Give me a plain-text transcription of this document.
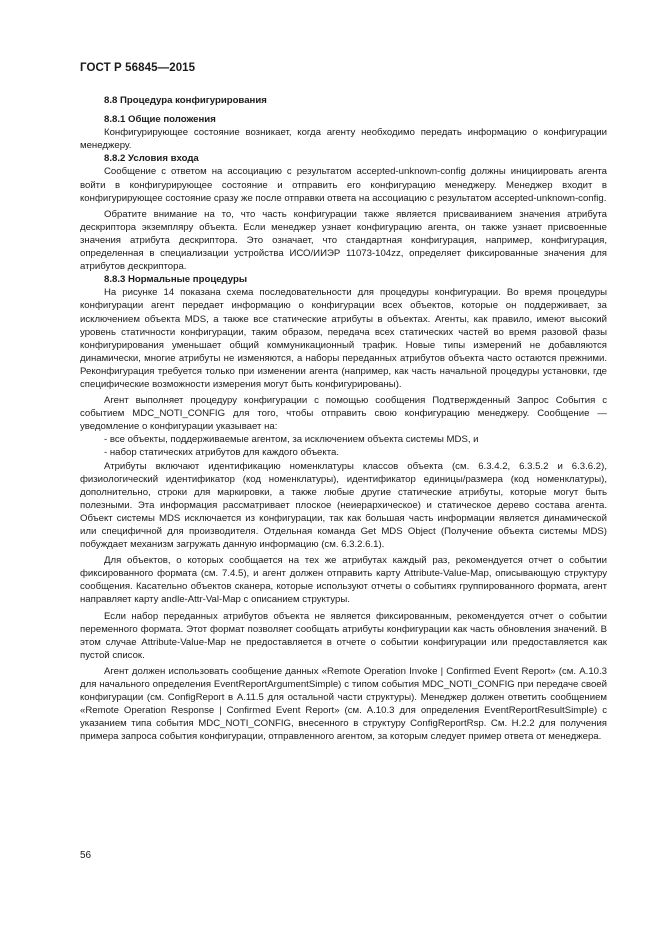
ГОСТ Р 56845—2015

8.8 Процедура конфигурирования

8.8.1 Общие положения

Конфигурирующее состояние возникает, когда агенту необходимо передать информацию о конфигурации менеджеру.

8.8.2 Условия входа

Сообщение с ответом на ассоциацию с результатом accepted-unknown-config должны инициировать агента войти в конфигурирующее состояние и отправить его конфигурацию менеджеру. Менеджер входит в конфигурирующее состояние сразу же после отправки ответа на ассоциацию с результатом accepted-unknown-config.

Обратите внимание на то, что часть конфигурации также является присваиванием значения атрибута дескриптора экземпляру объекта. Если менеджер узнает конфигурацию агента, он также узнает присвоенные значения атрибута дескриптора. Это означает, что стандартная конфигурация, например, конфигурация, определенная в специализации устройства ИСО/ИИЭР 11073-104zz, определяет фиксированные значения для атрибутов дескриптора.

8.8.3 Нормальные процедуры

На рисунке 14 показана схема последовательности для процедуры конфигурации. Во время процедуры конфигурации агент передает информацию о конфигурации всех объектов, которые он поддерживает, за исключением объекта MDS, а также все статические атрибуты в объектах. Агенты, как правило, имеют высокий уровень статичности конфигурации, таким образом, передача всех статических частей во время разовой фазы конфигурирования уменьшает общий коммуникационный трафик. Новые типы измерений не добавляются динамически, многие атрибуты не изменяются, а наборы переданных атрибутов объекта часто остаются прежними. Реконфигурация требуется только при изменении агента (например, как часть начальной процедуры установки, где специфические возможности измерения могут быть конфигурированы).

Агент выполняет процедуру конфигурации с помощью сообщения Подтвержденный Запрос События с событием MDC_NOTI_CONFIG для того, чтобы отправить свою конфигурацию менеджеру. Сообщение — уведомление о конфигурации указывает на:

- все объекты, поддерживаемые агентом, за исключением объекта системы MDS, и

- набор статических атрибутов для каждого объекта.

Атрибуты включают идентификацию номенклатуры классов объекта (см. 6.3.4.2, 6.3.5.2 и 6.3.6.2), физиологический идентификатор (код номенклатуры), идентификатор единицы/размера (код номенклатуры), дополнительно, строки для маркировки, а также любые другие статические атрибуты, которые могут быть полезными. Эта информация рассматривает плоское (неиерархическое) и статическое дерево состава агента. Объект системы MDS исключается из конфигурации, так как большая часть информации является динамической или специфичной для производителя. Отдельная команда Get MDS Object (Получение объекта системы MDS) побуждает механизм загружать данную информацию (см. 6.3.2.6.1).

Для объектов, о которых сообщается на тех же атрибутах каждый раз, рекомендуется отчет о событии фиксированного формата (см. 7.4.5), и агент должен отправить карту Attribute-Value-Map, описывающую структуру сообщения. Касательно объектов сканера, которые используют отчеты о событиях группированного формата, агент направляет карту andle-Attr-Val-Map с описанием структуры.

Если набор переданных атрибутов объекта не является фиксированным, рекомендуется отчет о событии переменного формата. Этот формат позволяет сообщать атрибуты конфигурации как часть обновления значений. В этом случае Attribute-Value-Map не предоставляется в отчете о событии конфигурации или предоставляется как пустой список.

Агент должен использовать сообщение данных «Remote Operation Invoke | Confirmed Event Report» (см. А.10.3 для начального определения EventReportArgumentSimple) с типом события MDC_NOTI_CONFIG при передаче своей конфигурации (см. ConfigReport в А.11.5 для остальной части структуры). Менеджер должен ответить сообщением «Remote Operation Response | Confirmed Event Report» (см. А.10.3 для определения EventReportResultSimple) с указанием типа события MDC_NOTI_CONFIG, внесенного в структуру ConfigReportRsp. См. Н.2.2 для получения примера запроса события конфигурации, отправленного агентом, за которым следует пример ответа от менеджера.

56
